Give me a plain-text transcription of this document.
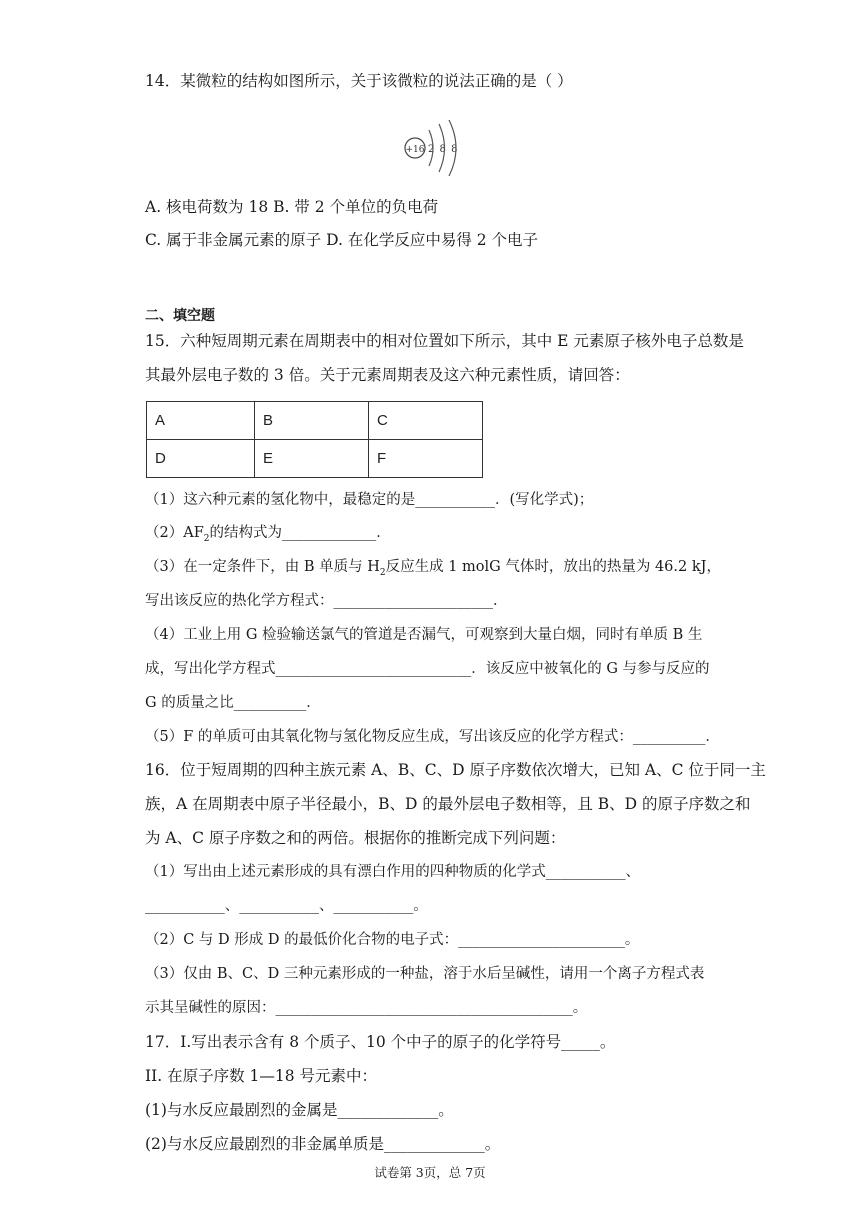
14．某微粒的结构如图所示，关于该微粒的说法正确的是（ ）
+16 2 8 8
A. 核电荷数为 18 B. 带 2 个单位的负电荷
C. 属于非金属元素的原子 D. 在化学反应中易得 2 个电子
二、填空题
15．六种短周期元素在周期表中的相对位置如下所示，其中 E 元素原子核外电子总数是
其最外层电子数的 3 倍。关于元素周期表及这六种元素性质，请回答：
A	B	C
D	E	F
（1）这六种元素的氢化物中，最稳定的是___________．(写化学式)；
$(2)AF_2$的结构式为_____________．
（3）在一定条件下，由 B 单质与 $H_2$反应生成 1 molG 气体时，放出的热量为 46.2 kJ，
写出该反应的热化学方程式：______________________．
（4）工业上用 G 检验输送氯气的管道是否漏气，可观察到大量白烟，同时有单质 B 生
成，写出化学方程式___________________________．该反应中被氧化的 G 与参与反应的
G 的质量之比__________．
（5）F 的单质可由其氧化物与氢化物反应生成，写出该反应的化学方程式：__________．
16．位于短周期的四种主族元素 A、B、C、D 原子序数依次增大，已知 A、C 位于同一主
族，A 在周期表中原子半径最小，B、D 的最外层电子数相等，且 B、D 的原子序数之和
为 A、C 原子序数之和的两倍。根据你的推断完成下列问题：
（1）写出由上述元素形成的具有漂白作用的四种物质的化学式___________、
___________、___________、___________。
（2）C 与 D 形成 D 的最低价化合物的电子式：_______________________。
（3）仅由 B、C、D 三种元素形成的一种盐，溶于水后呈碱性，请用一个离子方程式表
示其呈碱性的原因：_________________________________________。
17．I.写出表示含有 8 个质子、10 个中子的原子的化学符号_____。
II. 在原子序数 1—18 号元素中：
(1)与水反应最剧烈的金属是_____________。
(2)与水反应最剧烈的非金属单质是_____________。
试卷第 3页，总 7页
